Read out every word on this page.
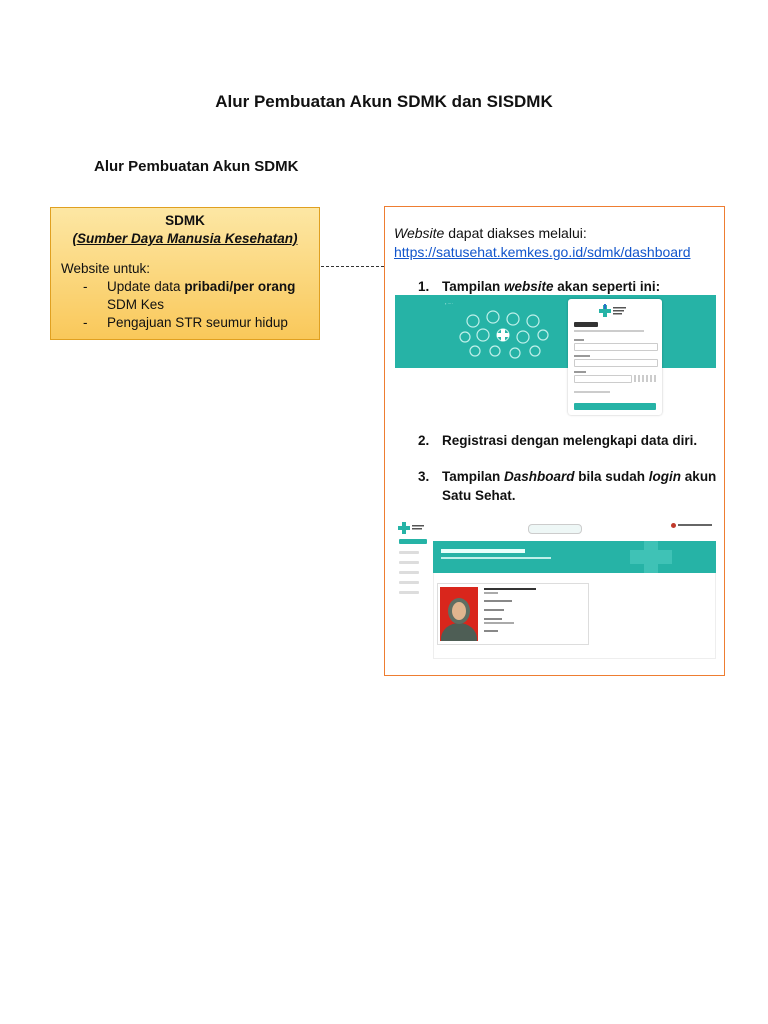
Alur Pembuatan Akun SDMK dan SISDMK
Alur Pembuatan Akun SDMK
SDMK
(Sumber Daya Manusia Kesehatan)
Website untuk:
- Update data pribadi/per orang SDM Kes
- Pengajuan STR seumur hidup
Website dapat diakses melalui:
https://satusehat.kemkes.go.id/sdmk/dashboard
1. Tampilan website akan seperti ini:
‹ ····
2. Registrasi dengan melengkapi data diri.
3. Tampilan Dashboard bila sudah login akun Satu Sehat.
